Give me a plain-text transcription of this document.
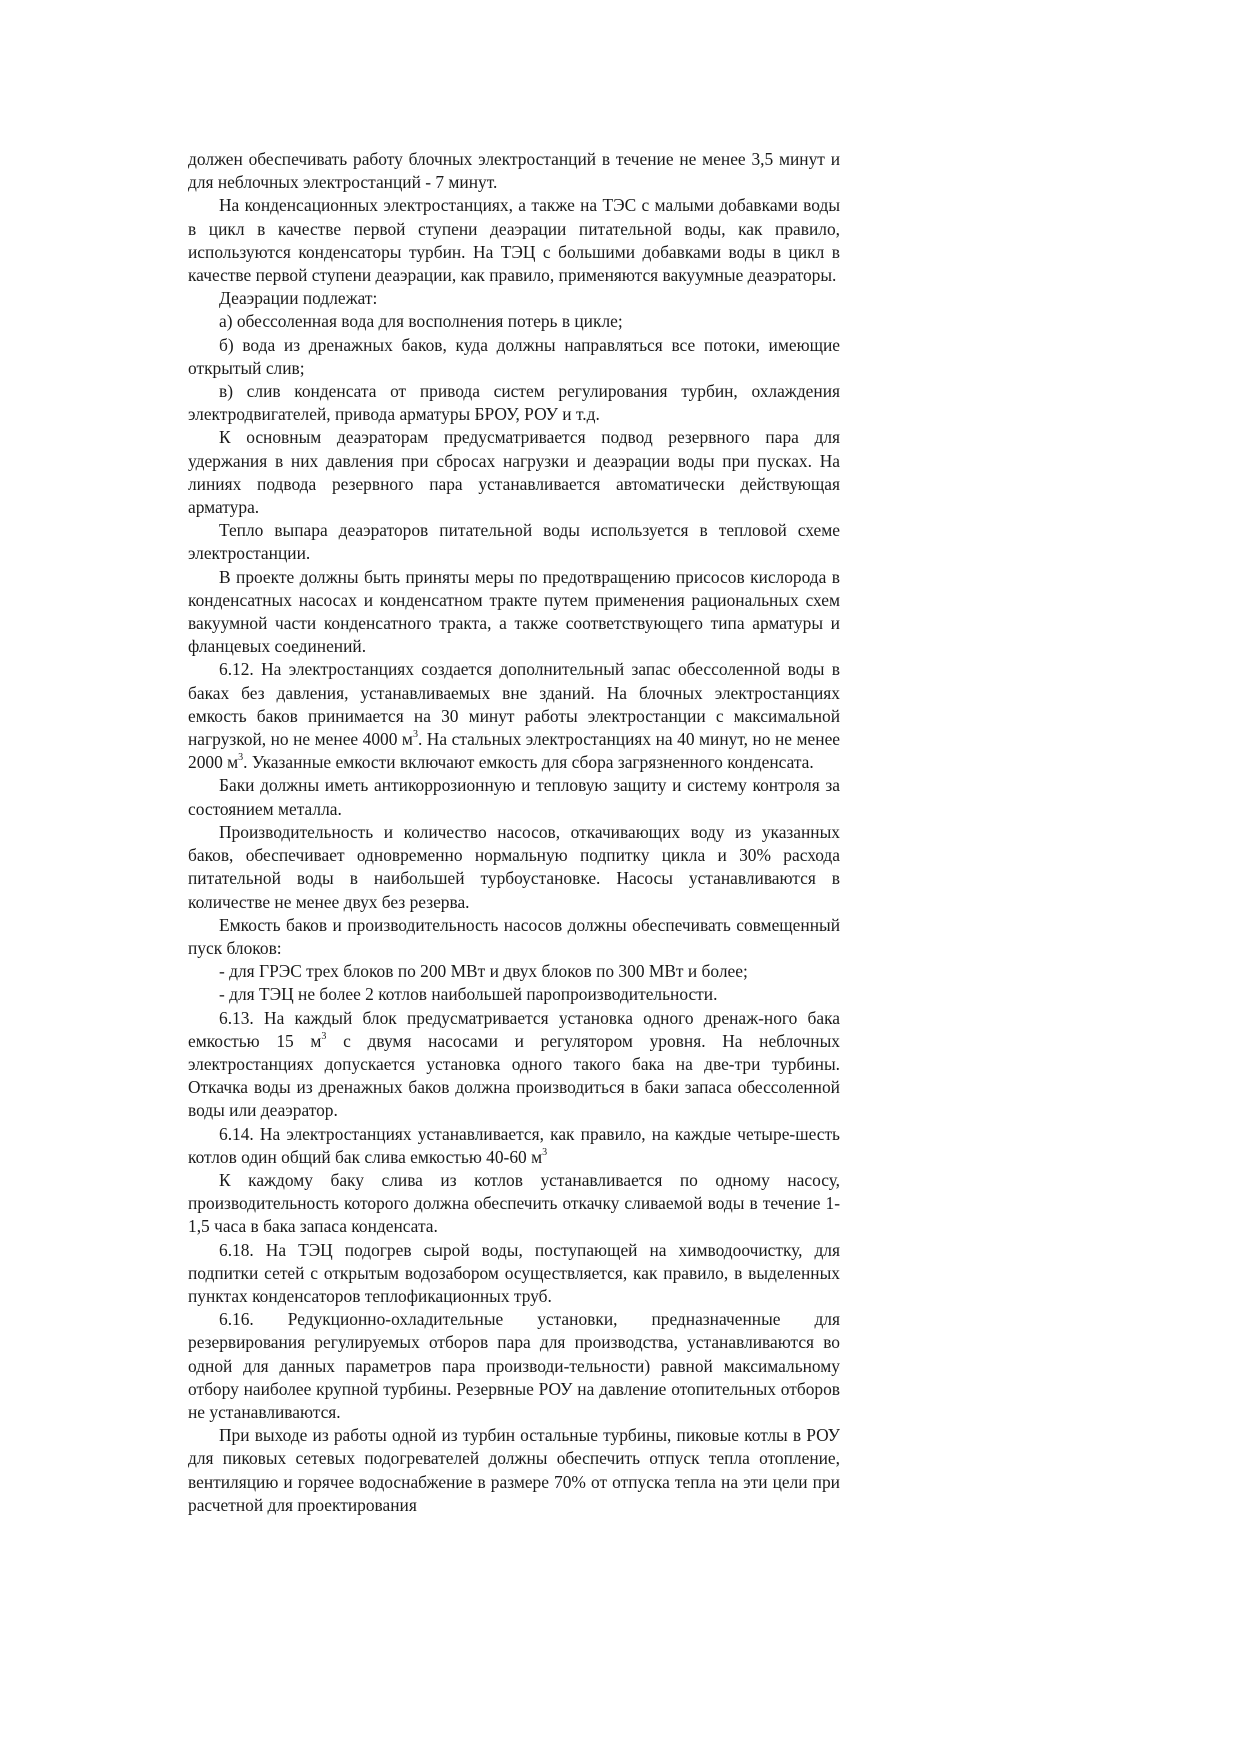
должен обеспечивать работу блочных электростанций в течение не менее 3,5 минут и для неблочных электростанций - 7 минут.

На конденсационных электростанциях, а также на ТЭС с малыми добавками воды в цикл в качестве первой ступени деаэрации питательной воды, как правило, используются конденсаторы турбин. На ТЭЦ с большими добавками воды в цикл в качестве первой ступени деаэрации, как правило, применяются вакуумные деаэраторы.

Деаэрации подлежат:

а) обессоленная вода для восполнения потерь в цикле;

б) вода из дренажных баков, куда должны направляться все потоки, имеющие открытый слив;

в) слив конденсата от привода систем регулирования турбин, охлаждения электродвигателей, привода арматуры БРОУ, РОУ и т.д.

К основным деаэраторам предусматривается подвод резервного пара для удержания в них давления при сбросах нагрузки и деаэрации воды при пусках. На линиях подвода резервного пара устанавливается автоматически действующая арматура.

Тепло выпара деаэраторов питательной воды используется в тепловой схеме электростанции.

В проекте должны быть приняты меры по предотвращению присосов кислорода в конденсатных насосах и конденсатном тракте путем применения рациональных схем вакуумной части конденсатного тракта, а также соответствующего типа арматуры и фланцевых соединений.

6.12. На электростанциях создается дополнительный запас обессоленной воды в баках без давления, устанавливаемых вне зданий. На блочных электростанциях емкость баков принимается на 30 минут работы электростанции с максимальной нагрузкой, но не менее 4000 $м^3$. На стальных электростанциях на 40 минут, но не менее 2000 $м^3$. Указанные емкости включают емкость для сбора загрязненного конденсата.

Баки должны иметь антикоррозионную и тепловую защиту и систему контроля за состоянием металла.

Производительность и количество насосов, откачивающих воду из указанных баков, обеспечивает одновременно нормальную подпитку цикла и 30% расхода питательной воды в наибольшей турбоустановке. Насосы устанавливаются в количестве не менее двух без резерва.

Емкость баков и производительность насосов должны обеспечивать совмещенный пуск блоков:

- для ГРЭС трех блоков по 200 МВт и двух блоков по 300 МВт и более;

- для ТЭЦ не более 2 котлов наибольшей паропроизводительности.

6.13. На каждый блок предусматривается установка одного дренаж-ного бака емкостью 15 $м^3$ с двумя насосами и регулятором уровня. На неблочных электростанциях допускается установка одного такого бака на две-три турбины. Откачка воды из дренажных баков должна производиться в баки запаса обессоленной воды или деаэратор.

6.14. На электростанциях устанавливается, как правило, на каждые четыре-шесть котлов один общий бак слива емкостью 40-60 $м^3$

К каждому баку слива из котлов устанавливается по одному насосу, производительность которого должна обеспечить откачку сливаемой воды в течение 1-1,5 часа в бака запаса конденсата.

6.18. На ТЭЦ подогрев сырой воды, поступающей на химводоочистку, для подпитки сетей с открытым водозабором осуществляется, как правило, в выделенных пунктах конденсаторов теплофикационных труб.

6.16. Редукционно-охладительные установки, предназначенные для резервирования регулируемых отборов пара для производства, устанавливаются во одной для данных параметров пара производи-тельности) равной максимальному отбору наиболее крупной турбины. Резервные РОУ на давление отопительных отборов не устанавливаются.

При выходе из работы одной из турбин остальные турбины, пиковые котлы в РОУ для пиковых сетевых подогревателей должны обеспечить отпуск тепла отопление, вентиляцию и горячее водоснабжение в размере 70% от отпуска тепла на эти цели при расчетной для проектирования
